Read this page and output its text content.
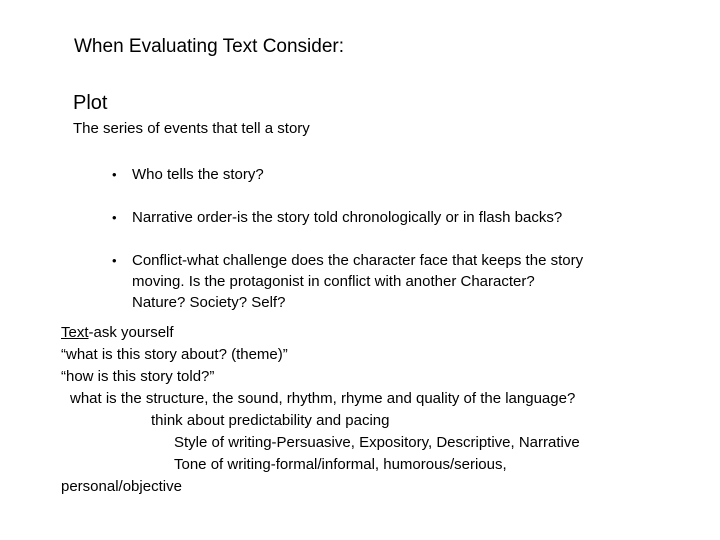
When Evaluating Text Consider:
Plot
The series of events that tell a story
• Who tells the story?
• Narrative order-is the story told chronologically or in flash backs?
• Conflict-what challenge does the character face that keeps the story
moving. Is the protagonist in conflict with another Character?
Nature? Society? Self?
Text-ask yourself
“what is this story about? (theme)”
“how is this story told?”
what is the structure, the sound, rhythm, rhyme and quality of the language?
think about predictability and pacing
Style of writing-Persuasive, Expository, Descriptive, Narrative
Tone of writing-formal/informal, humorous/serious,
personal/objective
